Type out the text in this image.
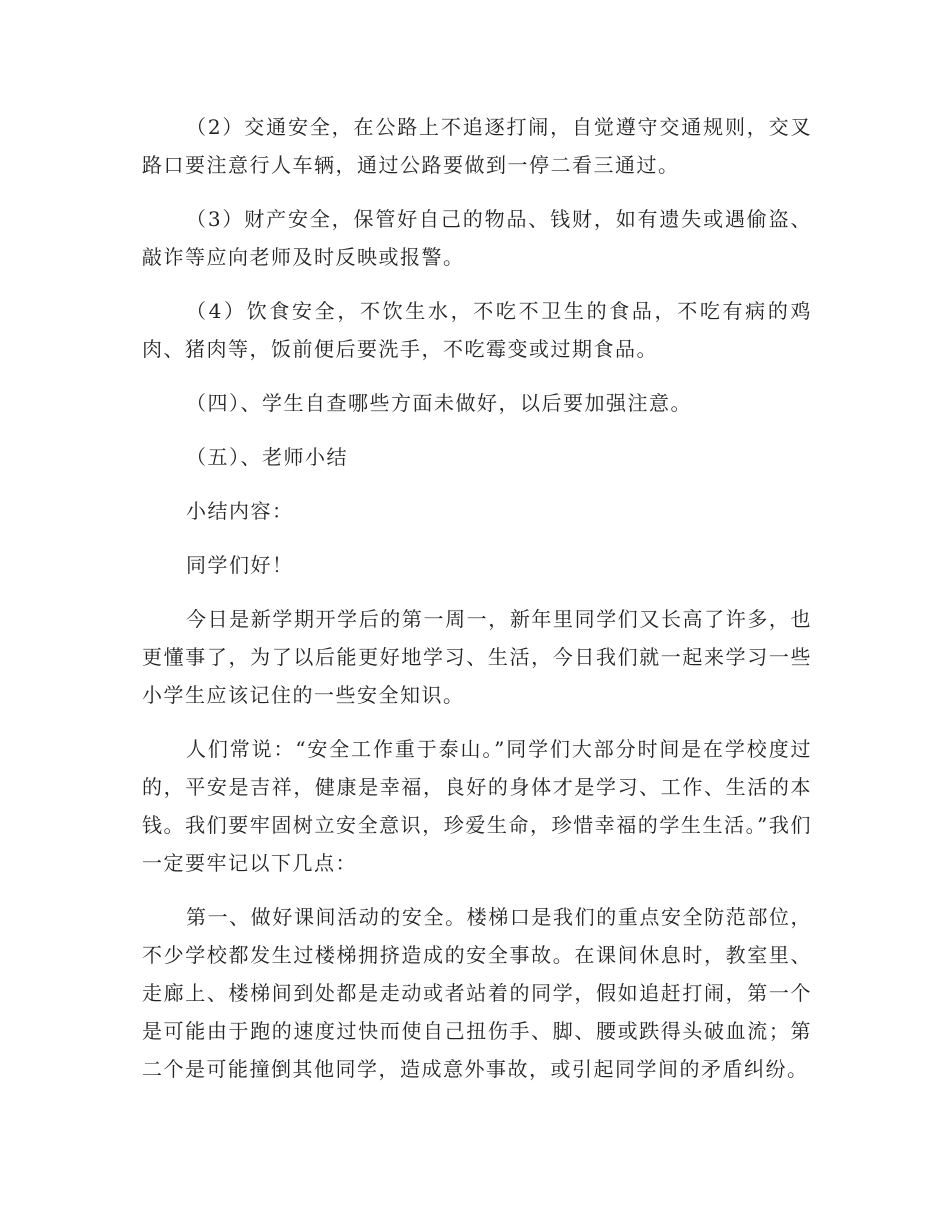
（2）交通安全，在公路上不追逐打闹，自觉遵守交通规则，交叉路口要注意行人车辆，通过公路要做到一停二看三通过。

（3）财产安全，保管好自己的物品、钱财，如有遗失或遇偷盗、敲诈等应向老师及时反映或报警。

（4）饮食安全，不饮生水，不吃不卫生的食品，不吃有病的鸡肉、猪肉等，饭前便后要洗手，不吃霉变或过期食品。

（四）、学生自查哪些方面未做好，以后要加强注意。

（五）、老师小结

小结内容：

同学们好！

今日是新学期开学后的第一周一，新年里同学们又长高了许多，也更懂事了，为了以后能更好地学习、生活，今日我们就一起来学习一些小学生应该记住的一些安全知识。

人们常说：“安全工作重于泰山。”同学们大部分时间是在学校度过的，平安是吉祥，健康是幸福，良好的身体才是学习、工作、生活的本钱。我们要牢固树立安全意识，珍爱生命，珍惜幸福的学生生活。”我们一定要牢记以下几点：

第一、做好课间活动的安全。楼梯口是我们的重点安全防范部位，不少学校都发生过楼梯拥挤造成的安全事故。在课间休息时，教室里、走廊上、楼梯间到处都是走动或者站着的同学，假如追赶打闹，第一个是可能由于跑的速度过快而使自己扭伤手、脚、腰或跌得头破血流；第二个是可能撞倒其他同学，造成意外事故，或引起同学间的矛盾纠纷。
